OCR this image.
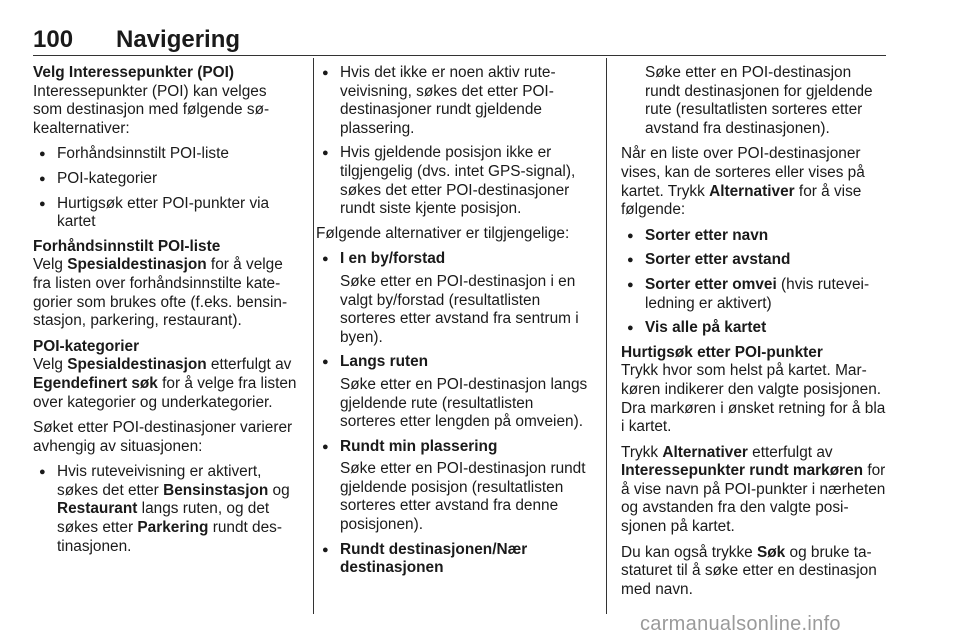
100 Navigering

Velg Interessepunkter (POI)
Interessepunkter (POI) kan velges som destinasjon med følgende søkealternativer:

● Forhåndsinnstilt POI-liste
● POI-kategorier
● Hurtigsøk etter POI-punkter via kartet

Forhåndsinnstilt POI-liste
Velg Spesialdestinasjon for å velge fra listen over forhåndsinnstilte kategorier som brukes ofte (f.eks. bensinstasjon, parkering, restaurant).

POI-kategorier
Velg Spesialdestinasjon etterfulgt av Egendefinert søk for å velge fra listen over kategorier og underkategorier.

Søket etter POI-destinasjoner varierer avhengig av situasjonen:

● Hvis ruteveivisning er aktivert, søkes det etter Bensinstasjon og Restaurant langs ruten, og det søkes etter Parkering rundt destinasjonen.
● Hvis det ikke er noen aktiv ruteveivisning, søkes det etter POI-destinasjoner rundt gjeldende plassering.
● Hvis gjeldende posisjon ikke er tilgjengelig (dvs. intet GPS-signal), søkes det etter POI-destinasjoner rundt siste kjente posisjon.

Følgende alternativer er tilgjengelige:

● I en by/forstad
Søke etter en POI-destinasjon i en valgt by/forstad (resultatlisten sorteres etter avstand fra sentrum i byen).
● Langs ruten
Søke etter en POI-destinasjon langs gjeldende rute (resultatlisten sorteres etter lengden på omveien).
● Rundt min plassering
Søke etter en POI-destinasjon rundt gjeldende posisjon (resultatlisten sorteres etter avstand fra denne posisjonen).
● Rundt destinasjonen/Nær destinasjonen

Søke etter en POI-destinasjon rundt destinasjonen for gjeldende rute (resultatlisten sorteres etter avstand fra destinasjonen).

Når en liste over POI-destinasjoner vises, kan de sorteres eller vises på kartet. Trykk Alternativer for å vise følgende:

● Sorter etter navn
● Sorter etter avstand
● Sorter etter omvei (hvis ruteveiledning er aktivert)
● Vis alle på kartet

Hurtigsøk etter POI-punkter
Trykk hvor som helst på kartet. Markøren indikerer den valgte posisjonen. Dra markøren i ønsket retning for å bla i kartet.

Trykk Alternativer etterfulgt av Interessepunkter rundt markøren for å vise navn på POI-punkter i nærheten og avstanden fra den valgte posisjonen på kartet.

Du kan også trykke Søk og bruke tastaturet til å søke etter en destinasjon med navn.

carmanualsonline.info
